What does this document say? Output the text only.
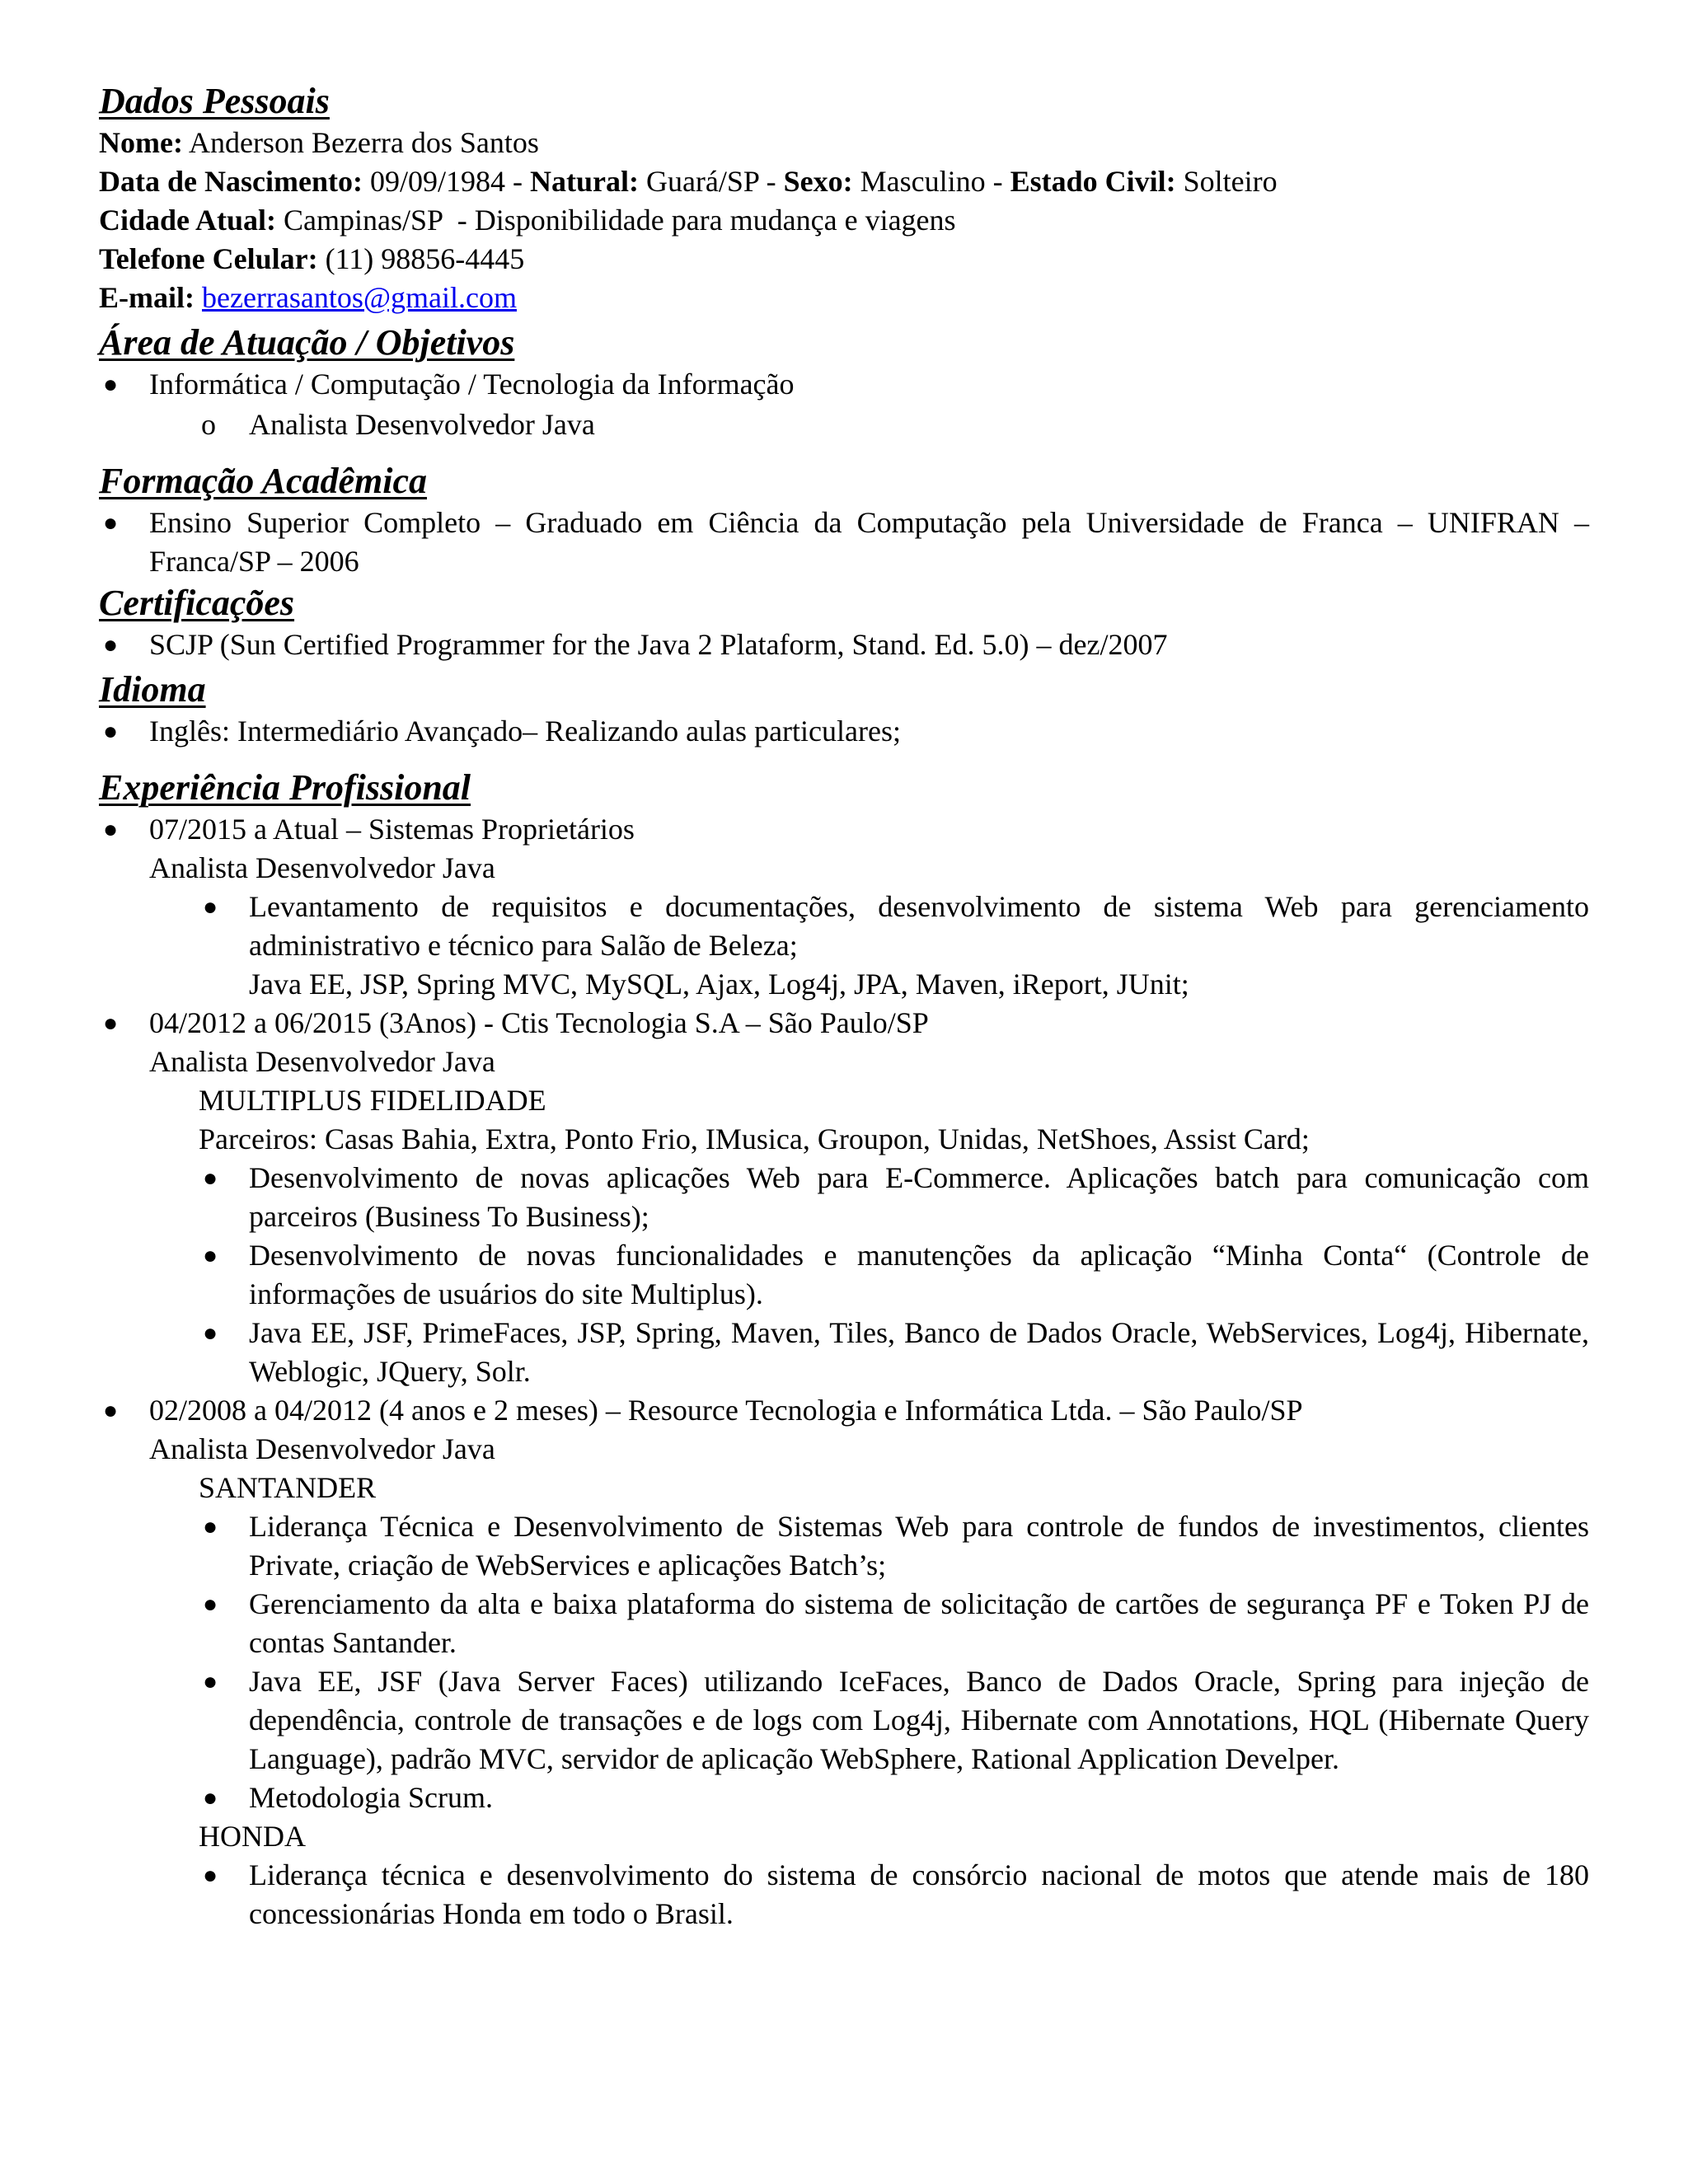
Dados Pessoais

Nome: Anderson Bezerra dos Santos

Data de Nascimento: 09/09/1984 - Natural: Guará/SP - Sexo: Masculino - Estado Civil: Solteiro

Cidade Atual: Campinas/SP  - Disponibilidade para mudança e viagens

Telefone Celular: (11) 98856-4445

E-mail: bezerrasantos@gmail.com

Área de Atuação / Objetivos
● Informática / Computação / Tecnologia da Informação
o Analista Desenvolvedor Java
Formação Acadêmica
● Ensino Superior Completo – Graduado em Ciência da Computação pela Universidade de Franca – UNIFRAN – Franca/SP – 2006
Certificações
● SCJP (Sun Certified Programmer for the Java 2 Plataform, Stand. Ed. 5.0) – dez/2007
Idioma
● Inglês: Intermediário Avançado– Realizando aulas particulares;
Experiência Profissional
● 07/2015 a Atual – Sistemas Proprietários

Analista Desenvolvedor Java

● Levantamento de requisitos e documentações, desenvolvimento de sistema Web para gerenciamento administrativo e técnico para Salão de Beleza;

Java EE, JSP, Spring MVC, MySQL, Ajax, Log4j, JPA, Maven, iReport, JUnit;

● 04/2012 a 06/2015 (3Anos) - Ctis Tecnologia S.A – São Paulo/SP

Analista Desenvolvedor Java

MULTIPLUS FIDELIDADE

Parceiros: Casas Bahia, Extra, Ponto Frio, IMusica, Groupon, Unidas, NetShoes, Assist Card;

● Desenvolvimento de novas aplicações Web para E-Commerce. Aplicações batch para comunicação com parceiros (Business To Business);
● Desenvolvimento de novas funcionalidades e manutenções da aplicação “Minha Conta“ (Controle de informações de usuários do site Multiplus).
● Java EE, JSF, PrimeFaces, JSP, Spring, Maven, Tiles, Banco de Dados Oracle, WebServices, Log4j, Hibernate, Weblogic, JQuery, Solr.
● 02/2008 a 04/2012 (4 anos e 2 meses) – Resource Tecnologia e Informática Ltda. – São Paulo/SP

Analista Desenvolvedor Java

SANTANDER

● Liderança Técnica e Desenvolvimento de Sistemas Web para controle de fundos de investimentos, clientes Private, criação de WebServices e aplicações Batch’s;
● Gerenciamento da alta e baixa plataforma do sistema de solicitação de cartões de segurança PF e Token PJ de contas Santander.
● Java EE, JSF (Java Server Faces) utilizando IceFaces, Banco de Dados Oracle, Spring para injeção de dependência, controle de transações e de logs com Log4j, Hibernate com Annotations, HQL (Hibernate Query Language), padrão MVC, servidor de aplicação WebSphere, Rational Application Develper.
● Metodologia Scrum.

HONDA

● Liderança técnica e desenvolvimento do sistema de consórcio nacional de motos que atende mais de 180 concessionárias Honda em todo o Brasil.
